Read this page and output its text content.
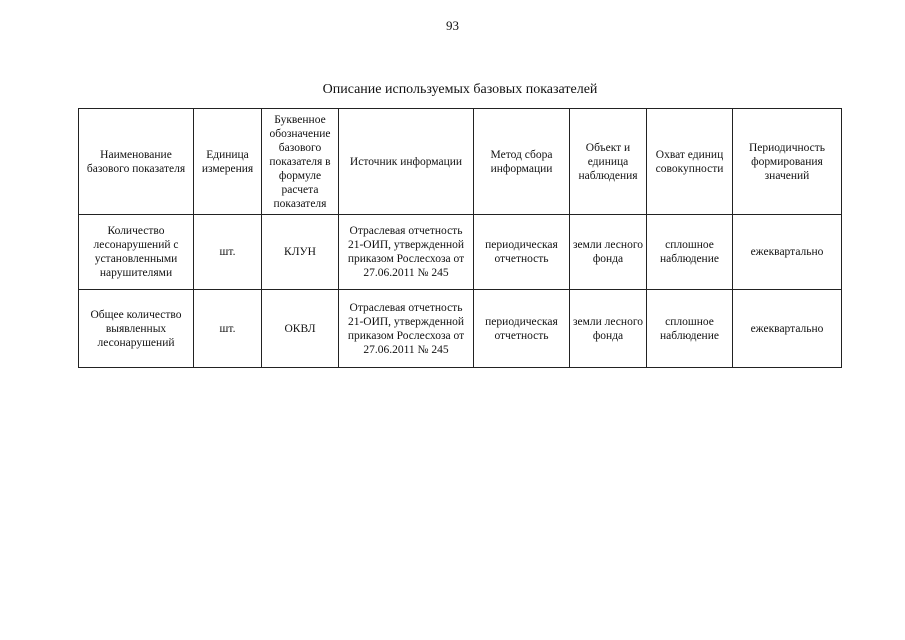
93
Описание используемых базовых показателей
Наименование базового показателя	Единица измерения	Буквенное обозначение базового показателя в формуле расчета показателя	Источник информации	Метод сбора информации	Объект и единица наблюдения	Охват единиц совокупности	Периодичность формирования значений
Количество лесонарушений с установленными нарушителями	шт.	КЛУН	Отраслевая отчетность 21-ОИП, утвержденной приказом Рослесхоза от 27.06.2011 № 245	периодическая отчетность	земли лесного фонда	сплошное наблюдение	ежеквартально
Общее количество выявленных лесонарушений	шт.	ОКВЛ	Отраслевая отчетность 21-ОИП, утвержденной приказом Рослесхоза от 27.06.2011 № 245	периодическая отчетность	земли лесного фонда	сплошное наблюдение	ежеквартально
